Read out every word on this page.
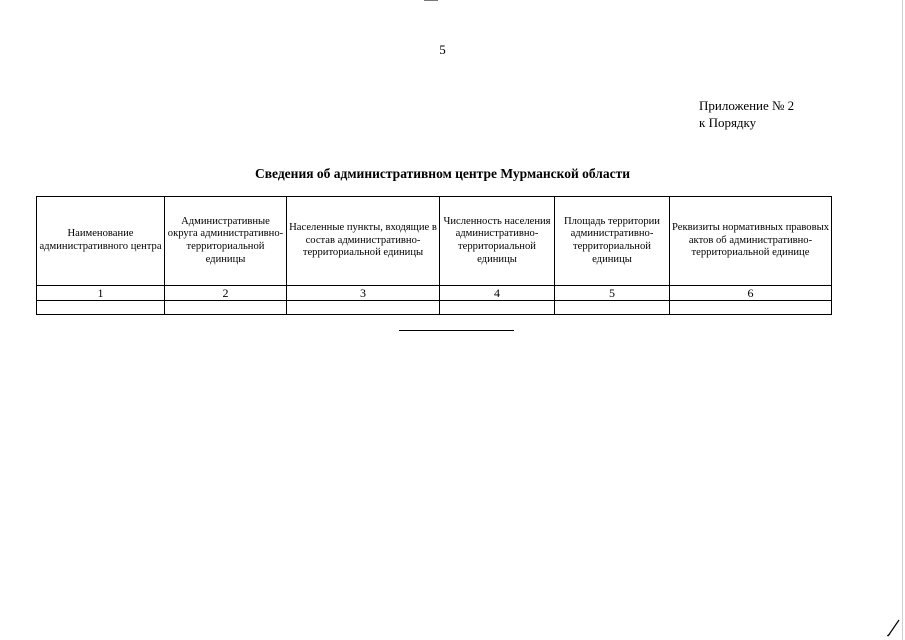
5
Приложение № 2
к Порядку
Сведения об административном центре Мурманской области
Наименование административного центра	Административные округа административно-территориальной единицы	Населенные пункты, входящие в состав административно-территориальной единицы	Численность населения административно-территориальной единицы	Площадь территории административно-территориальной единицы	Реквизиты нормативных правовых актов об административно-территориальной единице
1	2	3	4	5	6
